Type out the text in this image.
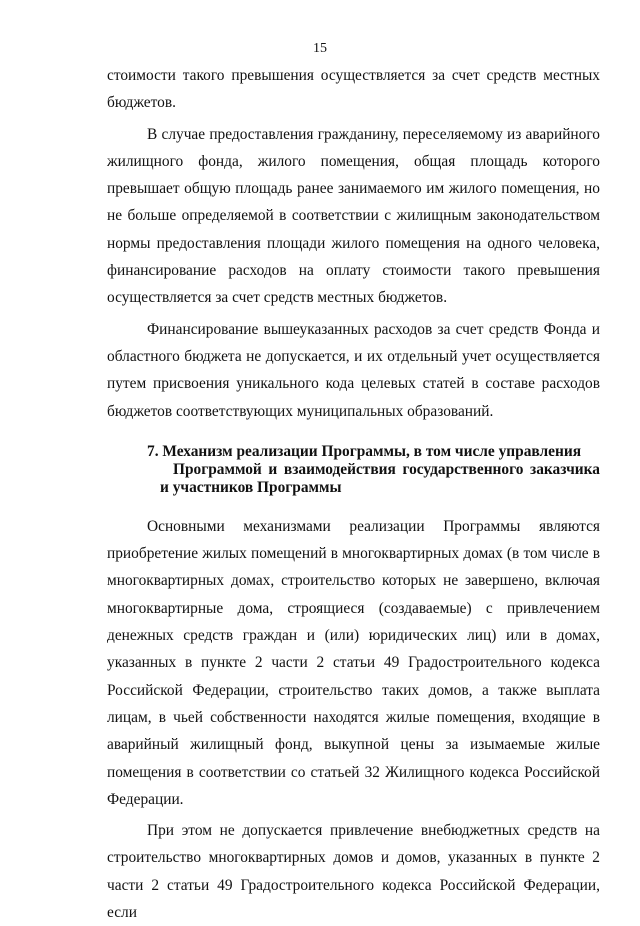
15

стоимости такого превышения осуществляется за счет средств местных бюджетов.

В случае предоставления гражданину, переселяемому из аварийного жилищного фонда, жилого помещения, общая площадь которого превышает общую площадь ранее занимаемого им жилого помещения, но не больше определяемой в соответствии с жилищным законодательством нормы предоставления площади жилого помещения на одного человека, финансирование расходов на оплату стоимости такого превышения осуществляется за счет средств местных бюджетов.

Финансирование вышеуказанных расходов за счет средств Фонда и областного бюджета не допускается, и их отдельный учет осуществляется путем присвоения уникального кода целевых статей в составе расходов бюджетов соответствующих муниципальных образований.

7. Механизм реализации Программы, в том числе управления
Программой и взаимодействия государственного заказчика
и участников Программы

Основными механизмами реализации Программы являются приобретение жилых помещений в многоквартирных домах (в том числе в многоквартирных домах, строительство которых не завершено, включая многоквартирные дома, строящиеся (создаваемые) с привлечением денежных средств граждан и (или) юридических лиц) или в домах, указанных в пункте 2 части 2 статьи 49 Градостроительного кодекса Российской Федерации, строительство таких домов, а также выплата лицам, в чьей собственности находятся жилые помещения, входящие в аварийный жилищный фонд, выкупной цены за изымаемые жилые помещения в соответствии со статьей 32 Жилищного кодекса Российской Федерации.

При этом не допускается привлечение внебюджетных средств на строительство многоквартирных домов и домов, указанных в пункте 2 части 2 статьи 49 Градостроительного кодекса Российской Федерации, если
